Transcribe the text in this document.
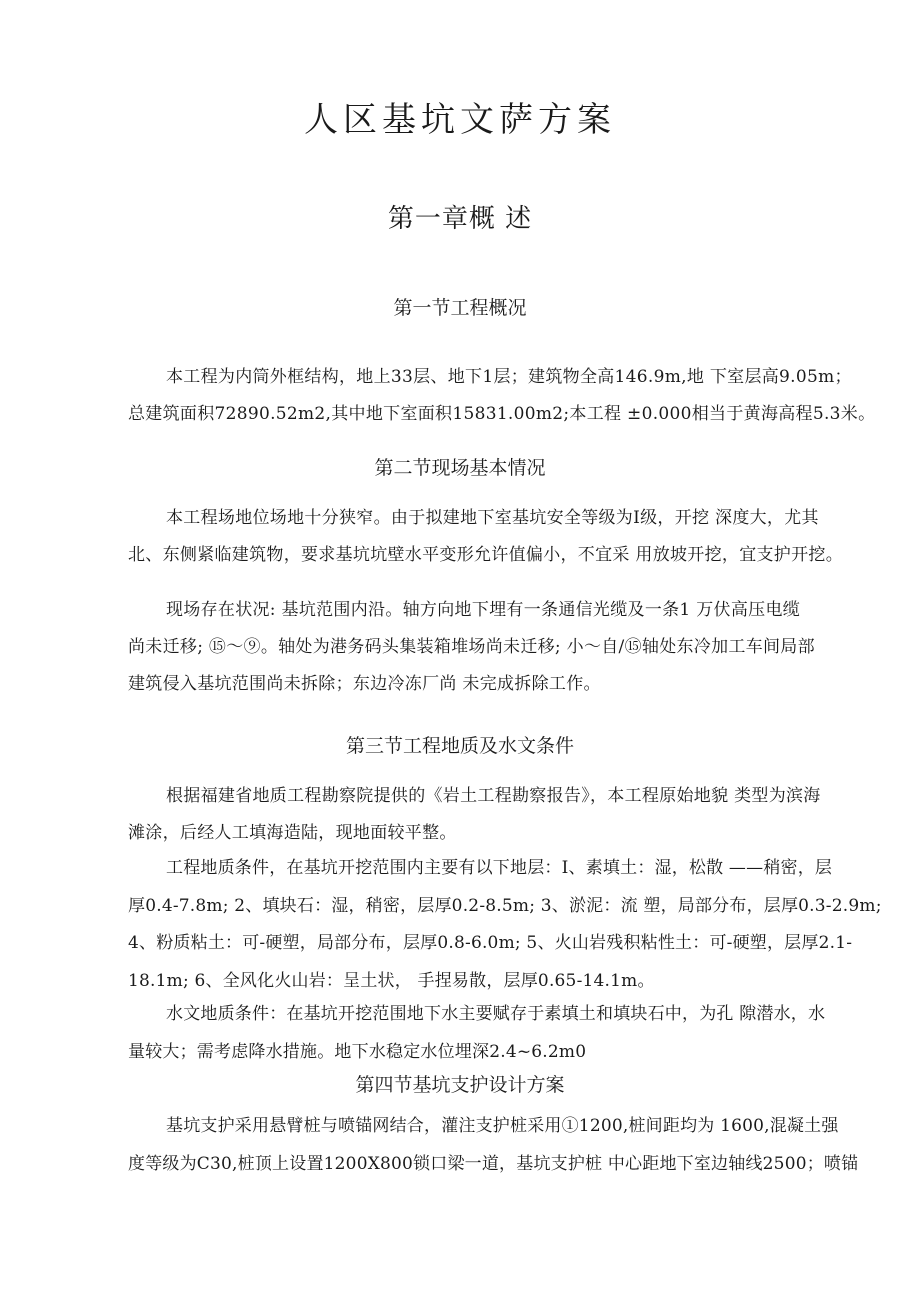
人区基坑文萨方案
第一章概 述
第一节工程概况
本工程为内筒外框结构，地上33层、地下1层；建筑物全高146.9m,地 下室层高9.05m；
总建筑面积72890.52m2,其中地下室面积15831.00m2;本工程 ±0.000相当于黄海高程5.3米。
第二节现场基本情况
本工程场地位场地十分狭窄。由于拟建地下室基坑安全等级为I级，开挖 深度大，尤其
北、东侧紧临建筑物，要求基坑坑壁水平变形允许值偏小，不宜采 用放坡开挖，宜支护开挖。
现场存在状况: 基坑范围内沿。轴方向地下埋有一条通信光缆及一条1 万伏高压电缆
尚未迁移; ⑮～⑨。轴处为港务码头集装箱堆场尚未迁移; 小～自/⑮轴处东冷加工车间局部
建筑侵入基坑范围尚未拆除；东边冷冻厂尚 未完成拆除工作。
第三节工程地质及水文条件
根据福建省地质工程勘察院提供的《岩土工程勘察报告》，本工程原始地貌 类型为滨海
滩涂，后经人工填海造陆，现地面较平整。
工程地质条件，在基坑开挖范围内主要有以下地层：I、素填土：湿，松散 ——稍密，层
厚0.4-7.8m; 2、填块石：湿，稍密，层厚0.2-8.5m; 3、淤泥：流 塑，局部分布，层厚0.3-2.9m;
4、粉质粘土：可-硬塑，局部分布，层厚0.8-6.0m; 5、火山岩残积粘性土：可-硬塑，层厚2.1-
18.1m; 6、全风化火山岩：呈土状， 手捏易散，层厚0.65-14.1m。
水文地质条件：在基坑开挖范围地下水主要赋存于素填土和填块石中，为孔 隙潜水，水
量较大；需考虑降水措施。地下水稳定水位埋深2.4~6.2m0
第四节基坑支护设计方案
基坑支护采用悬臂桩与喷锚网结合，灌注支护桩采用①1200,桩间距均为 1600,混凝土强
度等级为C30,桩顶上设置1200X800锁口梁一道，基坑支护桩 中心距地下室边轴线2500；喷锚
